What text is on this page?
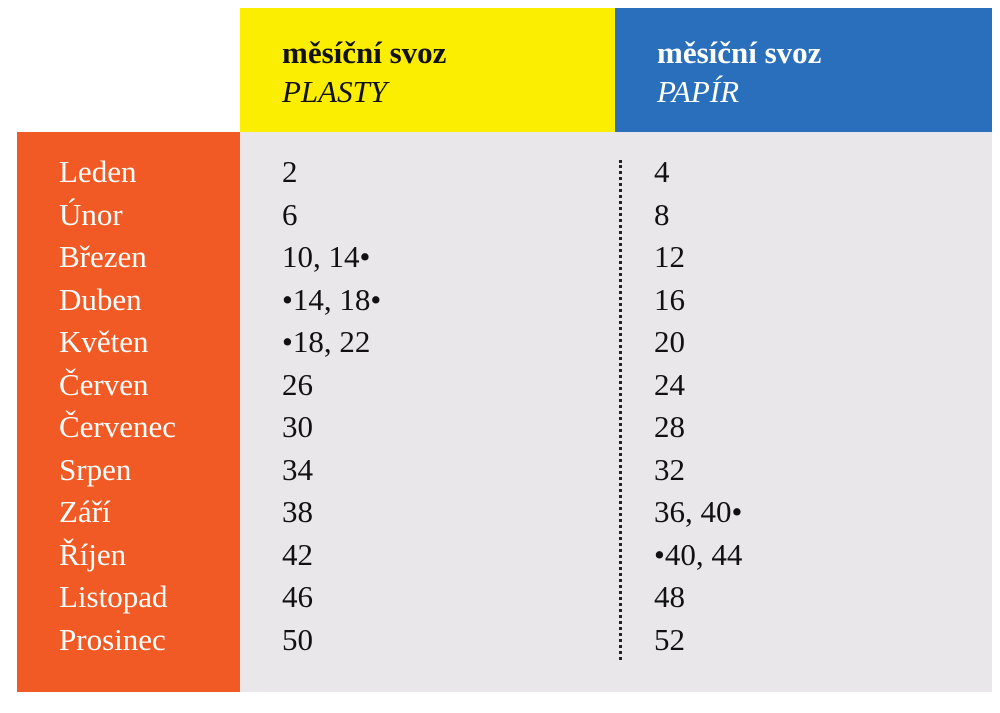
měsíční svoz
PLASTY
měsíční svoz
PAPÍR
Leden
Únor
Březen
Duben
Květen
Červen
Červenec
Srpen
Září
Říjen
Listopad
Prosinec
2
6
10, 14•
•14, 18•
•18, 22
26
30
34
38
42
46
50
4
8
12
16
20
24
28
32
36, 40•
•40, 44
48
52
